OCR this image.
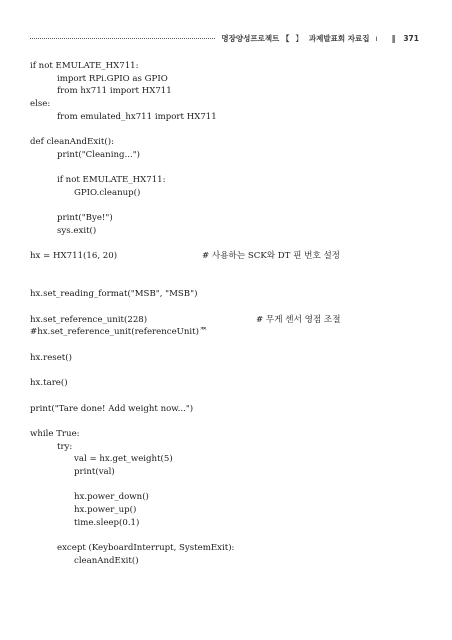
명장양성프로젝트 【 】 과제발표회 자료집 ı ‖ 371
if not EMULATE_HX711:
import RPi.GPIO as GPIO
from hx711 import HX711
else:
from emulated_hx711 import HX711
def cleanAndExit():
print("Cleaning...")
if not EMULATE_HX711:
GPIO.cleanup()
print("Bye!")
sys.exit()
hx = HX711(16, 20)	# 사용하는 SCK와 DT 핀 번호 설정
hx.set_reading_format("MSB", "MSB")
hx.set_reference_unit(228)	# 무게 센서 영점 조절
#hx.set_reference_unit(referenceUnit)ᄍ
hx.reset()
hx.tare()
print("Tare done! Add weight now...")
while True:
try:
val = hx.get_weight(5)
print(val)
hx.power_down()
hx.power_up()
time.sleep(0.1)
except (KeyboardInterrupt, SystemExit):
cleanAndExit()
